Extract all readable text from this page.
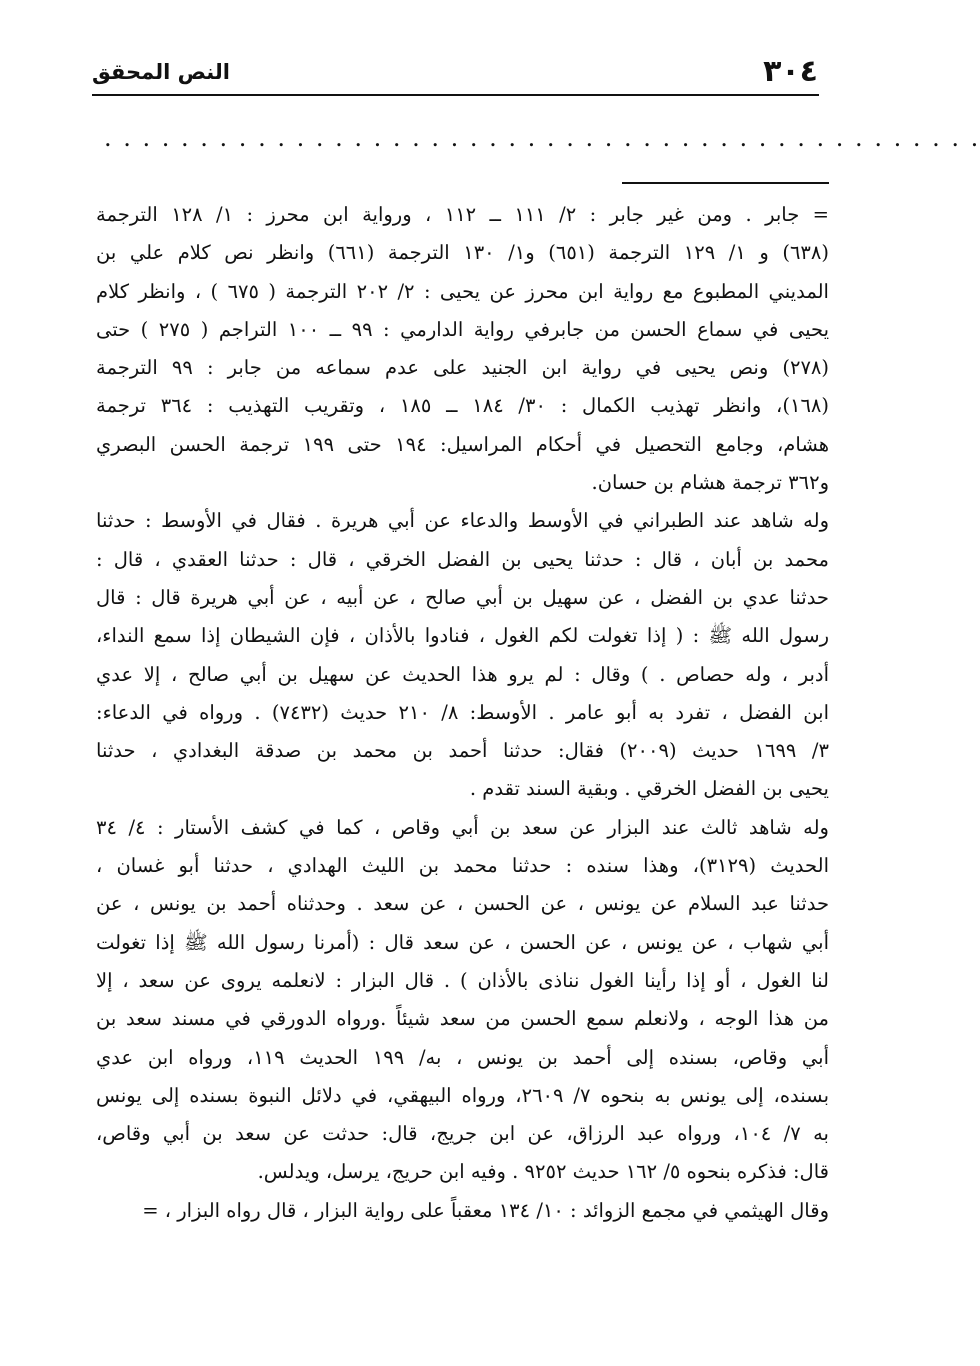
٣٠٤
النص المحقق
. . . . . . . . . . . . . . . . . . . . . . . . . . . . . . . . . . . . . . . . . . . . . .
= جابر . ومن غير جابر : ٢/ ١١١ ــ ١١٢ ، ورواية ابن محرز : ١/ ١٢٨ الترجمة
(٦٣٨) و ١/ ١٢٩ الترجمة (٦٥١) و١/ ١٣٠ الترجمة (٦٦١) وانظر نص كلام علي بن
المديني المطبوع مع رواية ابن محرز عن يحيى : ٢/ ٢٠٢ الترجمة ( ٦٧٥ ) ، وانظر كلام
يحيى في سماع الحسن من جابرفي رواية الدارمي : ٩٩ ــ ١٠٠ التراجم ( ٢٧٥ ) حتى
(٢٧٨) ونص يحيى في رواية ابن الجنيد على عدم سماعه من جابر : ٩٩ الترجمة
(١٦٨)، وانظر تهذيب الكمال : ٣٠/ ١٨٤ ــ ١٨٥ ، وتقريب التهذيب : ٣٦٤ ترجمة
هشام، وجامع التحصيل في أحكام المراسيل: ١٩٤ حتى ١٩٩ ترجمة الحسن البصري
و٣٦٢ ترجمة هشام بن حسان.
وله شاهد عند الطبراني في الأوسط والدعاء عن أبي هريرة . فقال في الأوسط : حدثنا
محمد بن أبان ، قال : حدثنا يحيى بن الفضل الخرقي ، قال : حدثنا العقدي ، قال :
حدثنا عدي بن الفضل ، عن سهيل بن أبي صالح ، عن أبيه ، عن أبي هريرة قال : قال
رسول الله ﷺ : ( إذا تغولت لكم الغول ، فنادوا بالأذان ، فإن الشيطان إذا سمع النداء،
أدبر ، وله حصاص . ) وقال : لم يرو هذا الحديث عن سهيل بن أبي صالح ، إلا عدي
ابن الفضل ، تفرد به أبو عامر . الأوسط: ٨/ ٢١٠ حديث (٧٤٣٢) . ورواه في الدعاء:
٣/ ١٦٩٩ حديث (٢٠٠٩) فقال: حدثنا أحمد بن محمد بن صدقة البغدادي ، حدثنا
يحيى بن الفضل الخرقي . وبقية السند تقدم .
وله شاهد ثالث عند البزار عن سعد بن أبي وقاص ، كما في كشف الأستار : ٤/ ٣٤
الحديث (٣١٢٩)، وهذا سنده : حدثنا محمد بن الليث الهدادي ، حدثنا أبو غسان ،
حدثنا عبد السلام عن يونس ، عن الحسن ، عن سعد . وحدثناه أحمد بن يونس ، عن
أبي شهاب ، عن يونس ، عن الحسن ، عن سعد قال : (أمرنا رسول الله ﷺ إذا تغولت
لنا الغول ، أو إذا رأينا الغول نناذى بالأذان ) . قال البزار : لانعلمه يروى عن سعد ، إلا
من هذا الوجه ، ولانعلم سمع الحسن من سعد شيئاً .ورواه الدورقي في مسند سعد بن
أبي وقاص، بسنده إلى أحمد بن يونس ، به/ ١٩٩ الحديث ١١٩، ورواه ابن عدي
بسنده، إلى يونس به بنحوه ٧/ ٢٦٠٩، ورواه البيهقي، في دلائل النبوة بسنده إلى يونس
به ٧/ ١٠٤، ورواه عبد الرزاق، عن ابن جريج، قال: حدثت عن سعد بن أبي وقاص،
قال: فذكره بنحوه ٥/ ١٦٢ حديث ٩٢٥٢ . وفيه ابن حريج، يرسل، ويدلس.
وقال الهيثمي في مجمع الزوائد : ١٠/ ١٣٤ معقباً على رواية البزار ، قال رواه البزار ، =
